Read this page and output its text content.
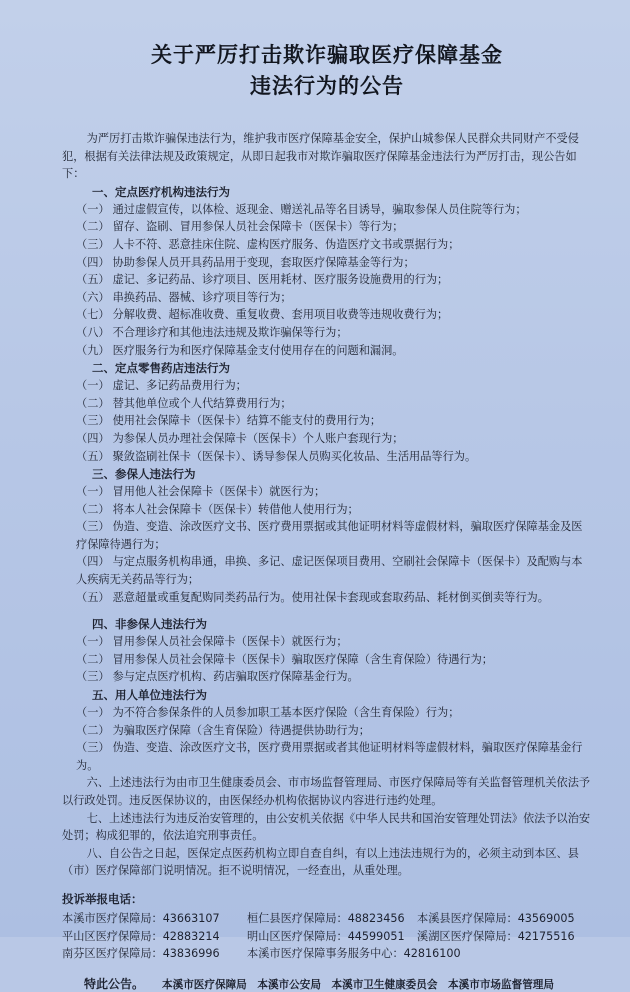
关于严厉打击欺诈骗取医疗保障基金
违法行为的公告

为严厉打击欺诈骗保违法行为，维护我市医疗保障基金安全，保护山城参保人民群众共同财产不受侵犯，根据有关法律法规及政策规定，从即日起我市对欺诈骗取医疗保障基金违法行为严厉打击，现公告如下：

一、定点医疗机构违法行为

（一） 通过虚假宣传，以体检、返现金、赠送礼品等名目诱导，骗取参保人员住院等行为；

（二） 留存、盗刷、冒用参保人员社会保障卡（医保卡）等行为；

（三） 人卡不符、恶意挂床住院、虚构医疗服务、伪造医疗文书或票据行为；

（四） 协助参保人员开具药品用于变现，套取医疗保障基金等行为；

（五） 虚记、多记药品、诊疗项目、医用耗材、医疗服务设施费用的行为；

（六） 串换药品、器械、诊疗项目等行为；

（七） 分解收费、超标准收费、重复收费、套用项目收费等违规收费行为；

（八） 不合理诊疗和其他违法违规及欺诈骗保等行为；

（九） 医疗服务行为和医疗保障基金支付使用存在的问题和漏洞。

二、定点零售药店违法行为

（一） 虚记、多记药品费用行为；

（二） 替其他单位或个人代结算费用行为；

（三） 使用社会保障卡（医保卡）结算不能支付的费用行为；

（四） 为参保人员办理社会保障卡（医保卡）个人账户套现行为；

（五） 聚敛盗刷社保卡（医保卡）、诱导参保人员购买化妆品、生活用品等行为。

三、参保人违法行为

（一） 冒用他人社会保障卡（医保卡）就医行为；

（二） 将本人社会保障卡（医保卡）转借他人使用行为；

（三） 伪造、变造、涂改医疗文书、医疗费用票据或其他证明材料等虚假材料，骗取医疗保障基金及医疗保障待遇行为；

（四） 与定点服务机构串通，串换、多记、虚记医保项目费用、空刷社会保障卡（医保卡）及配购与本人疾病无关药品等行为；

（五） 恶意超量或重复配购同类药品行为。使用社保卡套现或套取药品、耗材倒买倒卖等行为。

四、非参保人违法行为

（一） 冒用参保人员社会保障卡（医保卡）就医行为；

（二） 冒用参保人员社会保障卡（医保卡）骗取医疗保障（含生育保险）待遇行为；

（三） 参与定点医疗机构、药店骗取医疗保障基金行为。

五、用人单位违法行为

（一） 为不符合参保条件的人员参加职工基本医疗保险（含生育保险）行为；

（二） 为骗取医疗保障（含生育保险）待遇提供协助行为；

（三） 伪造、变造、涂改医疗文书，医疗费用票据或者其他证明材料等虚假材料，骗取医疗保障基金行为。

六、上述违法行为由市卫生健康委员会、市市场监督管理局、市医疗保障局等有关监督管理机关依法予以行政处罚。违反医保协议的，由医保经办机构依据协议内容进行违约处理。

七、上述违法行为违反治安管理的，由公安机关依据《中华人民共和国治安管理处罚法》依法予以治安处罚；构成犯罪的，依法追究刑事责任。

八、自公告之日起，医保定点医药机构立即自查自纠，有以上违法违规行为的，必须主动到本区、县（市）医疗保障部门说明情况。拒不说明情况，一经查出，从重处理。

投诉举报电话：
本溪市医疗保障局：43663107	桓仁县医疗保障局：48823456	本溪县医疗保障局：43569005
平山区医疗保障局：42883214	明山区医疗保障局：44599051	溪湖区医疗保障局：42175516
南芬区医疗保障局：43836996	本溪市医疗保障事务服务中心：42816100
特此公告。 本溪市医疗保障局　本溪市公安局　本溪市卫生健康委员会　本溪市市场监督管理局
